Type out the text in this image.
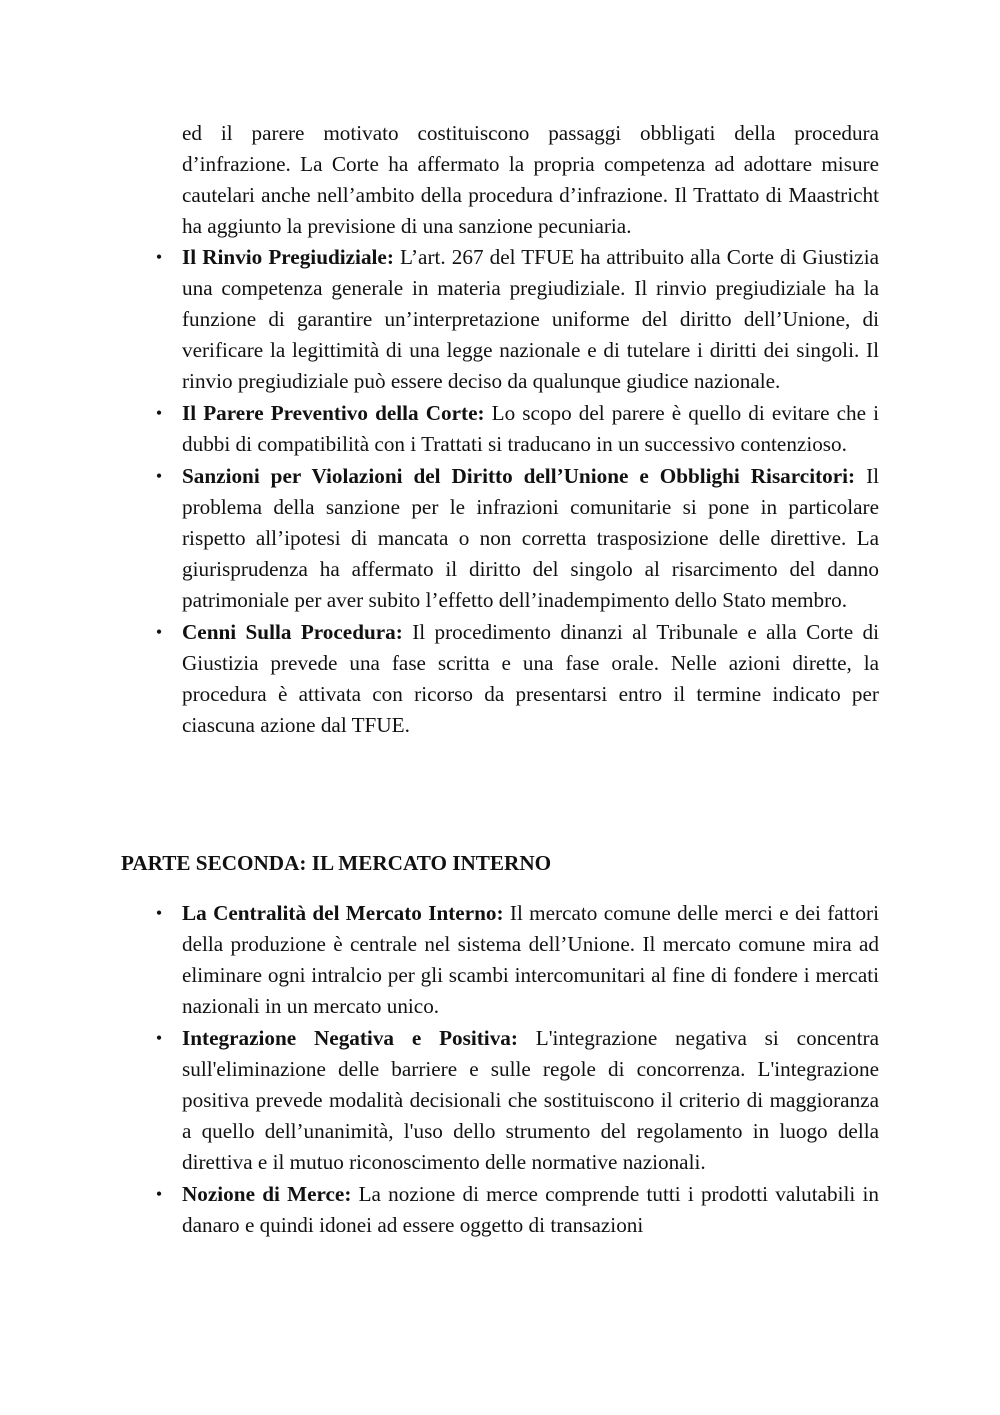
ed il parere motivato costituiscono passaggi obbligati della procedura d’infrazione. La Corte ha affermato la propria competenza ad adottare misure cautelari anche nell’ambito della procedura d’infrazione. Il Trattato di Maastricht ha aggiunto la previsione di una sanzione pecuniaria.

• Il Rinvio Pregiudiziale: L’art. 267 del TFUE ha attribuito alla Corte di Giustizia una competenza generale in materia pregiudiziale. Il rinvio pregiudiziale ha la funzione di garantire un’interpretazione uniforme del diritto dell’Unione, di verificare la legittimità di una legge nazionale e di tutelare i diritti dei singoli. Il rinvio pregiudiziale può essere deciso da qualunque giudice nazionale.
• Il Parere Preventivo della Corte: Lo scopo del parere è quello di evitare che i dubbi di compatibilità con i Trattati si traducano in un successivo contenzioso.
• Sanzioni per Violazioni del Diritto dell’Unione e Obblighi Risarcitori: Il problema della sanzione per le infrazioni comunitarie si pone in particolare rispetto all’ipotesi di mancata o non corretta trasposizione delle direttive. La giurisprudenza ha affermato il diritto del singolo al risarcimento del danno patrimoniale per aver subito l’effetto dell’inadempimento dello Stato membro.
• Cenni Sulla Procedura: Il procedimento dinanzi al Tribunale e alla Corte di Giustizia prevede una fase scritta e una fase orale. Nelle azioni dirette, la procedura è attivata con ricorso da presentarsi entro il termine indicato per ciascuna azione dal TFUE.
PARTE SECONDA: IL MERCATO INTERNO
• La Centralità del Mercato Interno: Il mercato comune delle merci e dei fattori della produzione è centrale nel sistema dell’Unione. Il mercato comune mira ad eliminare ogni intralcio per gli scambi intercomunitari al fine di fondere i mercati nazionali in un mercato unico.
• Integrazione Negativa e Positiva: L'integrazione negativa si concentra sull'eliminazione delle barriere e sulle regole di concorrenza. L'integrazione positiva prevede modalità decisionali che sostituiscono il criterio di maggioranza a quello dell’unanimità, l'uso dello strumento del regolamento in luogo della direttiva e il mutuo riconoscimento delle normative nazionali.
• Nozione di Merce: La nozione di merce comprende tutti i prodotti valutabili in danaro e quindi idonei ad essere oggetto di transazioni
